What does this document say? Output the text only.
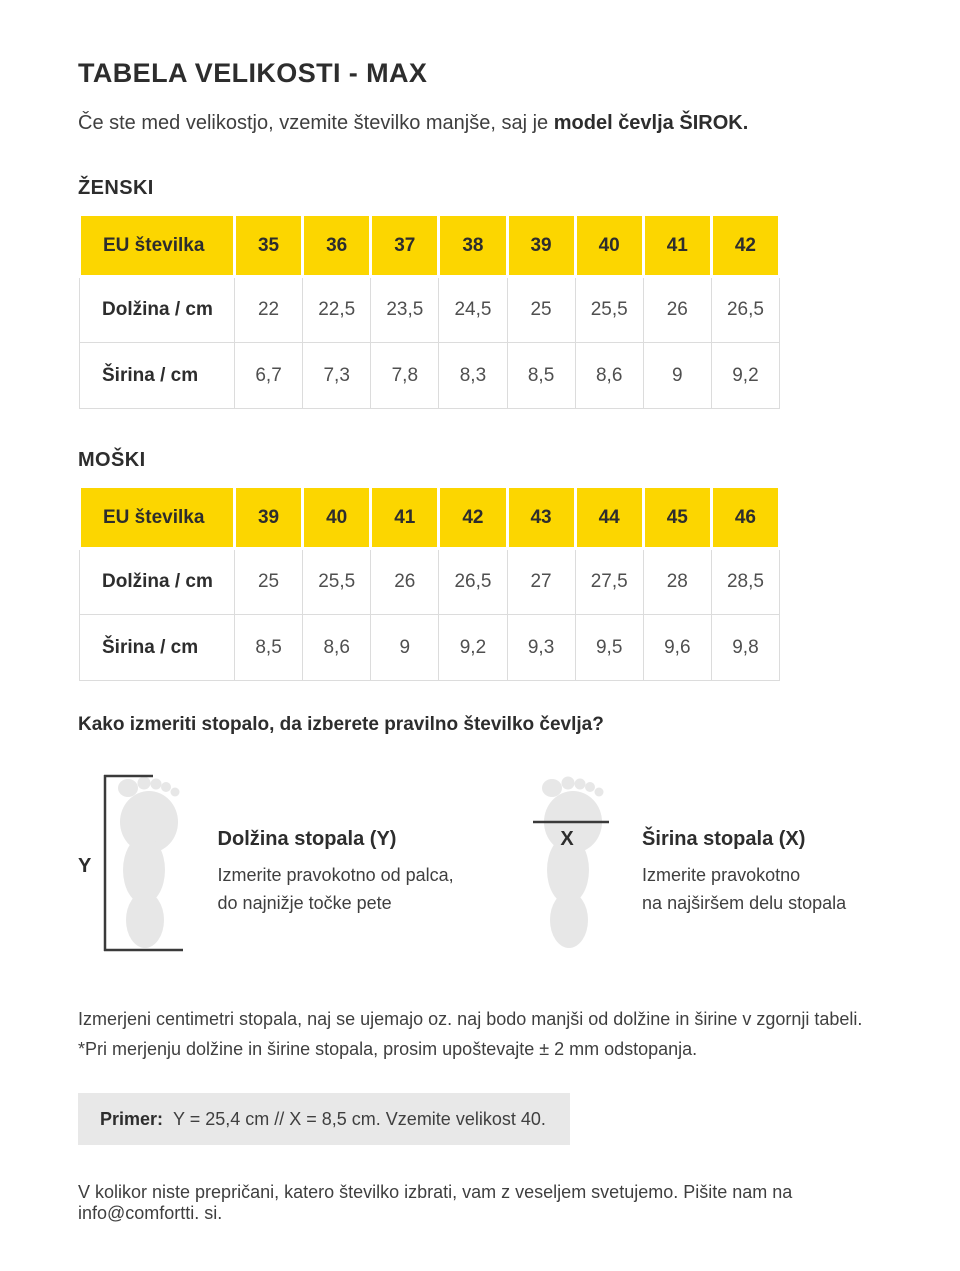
TABELA VELIKOSTI - MAX

Če ste med velikostjo, vzemite številko manjše, saj je model čevlja ŠIROK.

ŽENSKI
EU številka	35	36	37	38	39	40	41	42
Dolžina / cm	22	22,5	23,5	24,5	25	25,5	26	26,5
Širina / cm	6,7	7,3	7,8	8,3	8,5	8,6	9	9,2
MOŠKI
EU številka	39	40	41	42	43	44	45	46
Dolžina / cm	25	25,5	26	26,5	27	27,5	28	28,5
Širina / cm	8,5	8,6	9	9,2	9,3	9,5	9,6	9,8
Kako izmeriti stopalo, da izberete pravilno številko čevlja?
Y
Dolžina stopala (Y)

Izmerite pravokotno od palca,

do najnižje točke pete

X	Širina stopala (X)

Izmerite pravokotno

na najširšem delu stopala

Izmerjeni centimetri stopala, naj se ujemajo oz. naj bodo manjši od dolžine in širine v zgornji tabeli.

*Pri merjenju dolžine in širine stopala, prosim upoštevajte ± 2 mm odstopanja.

Primer: Y = 25,4 cm // X = 8,5 cm. Vzemite velikost 40.

V kolikor niste prepričani, katero številko izbrati, vam z veseljem svetujemo. Pišite nam na info@comfortti. si.
